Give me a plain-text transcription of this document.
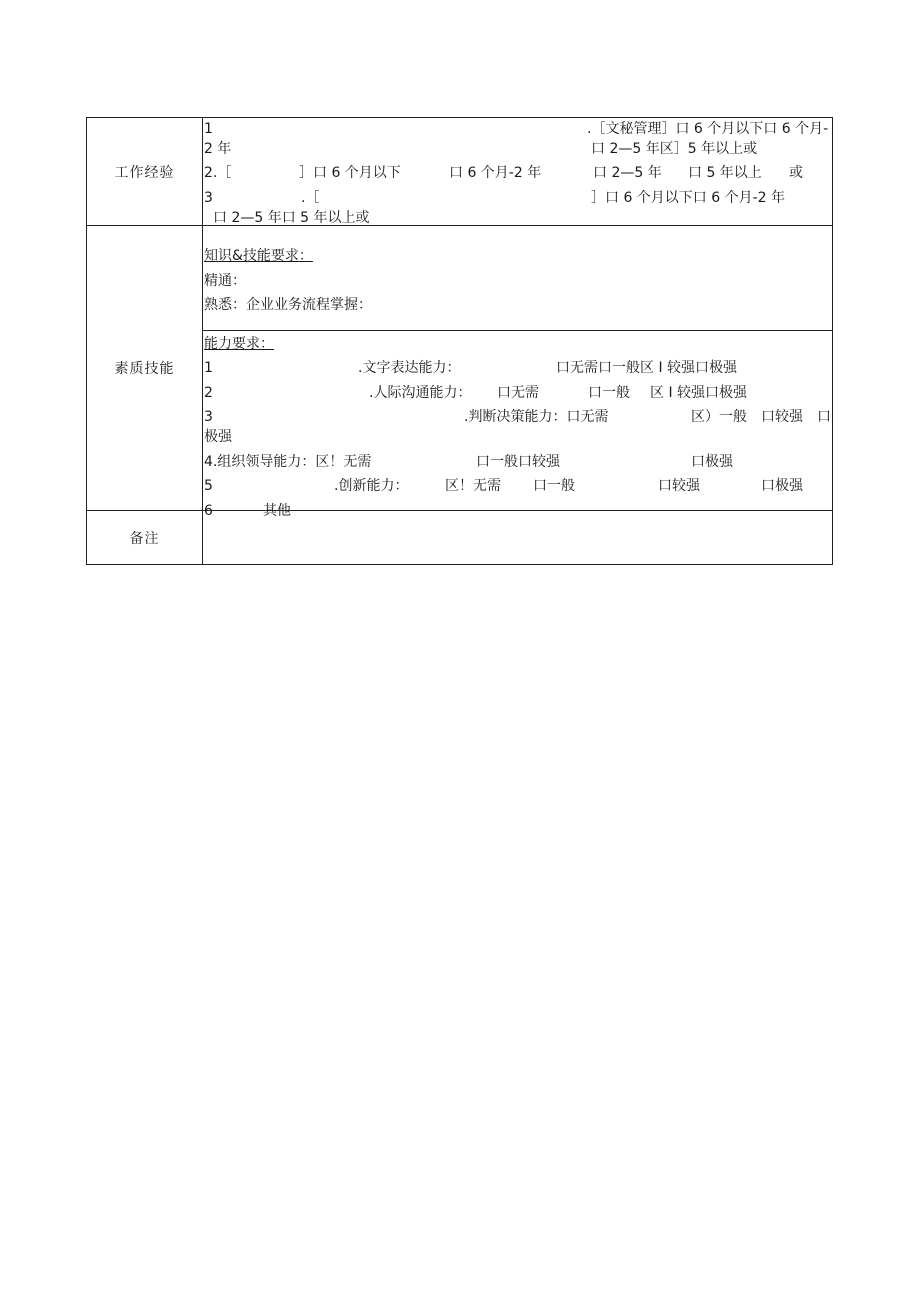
工作经验
1	.［文秘管理］口 6 个月以下口 6 个月-
2 年	口 2—5 年区］5 年以上或
2.［	］口 6 个月以下	口 6 个月-2 年	口 2—5 年 口 5 年以上 或
3	.［	］口 6 个月以下口 6 个月-2 年
口 2—5 年口 5 年以上或
素质技能
知识&技能要求：
精通：
熟悉：企业业务流程掌握：
能力要求：
1	.文字表达能力：	口无需口一般区 I 较强口极强
2	.人际沟通能力： 口无需	口一般 区 I 较强口极强
3	.判断决策能力：口无需	区）一般 口较强 口
极强
4.组织领导能力：区！无需	口一般口较强	口极强
5	.创新能力：	区！无需 口一般	口较强	口极强
6	其他
备注
